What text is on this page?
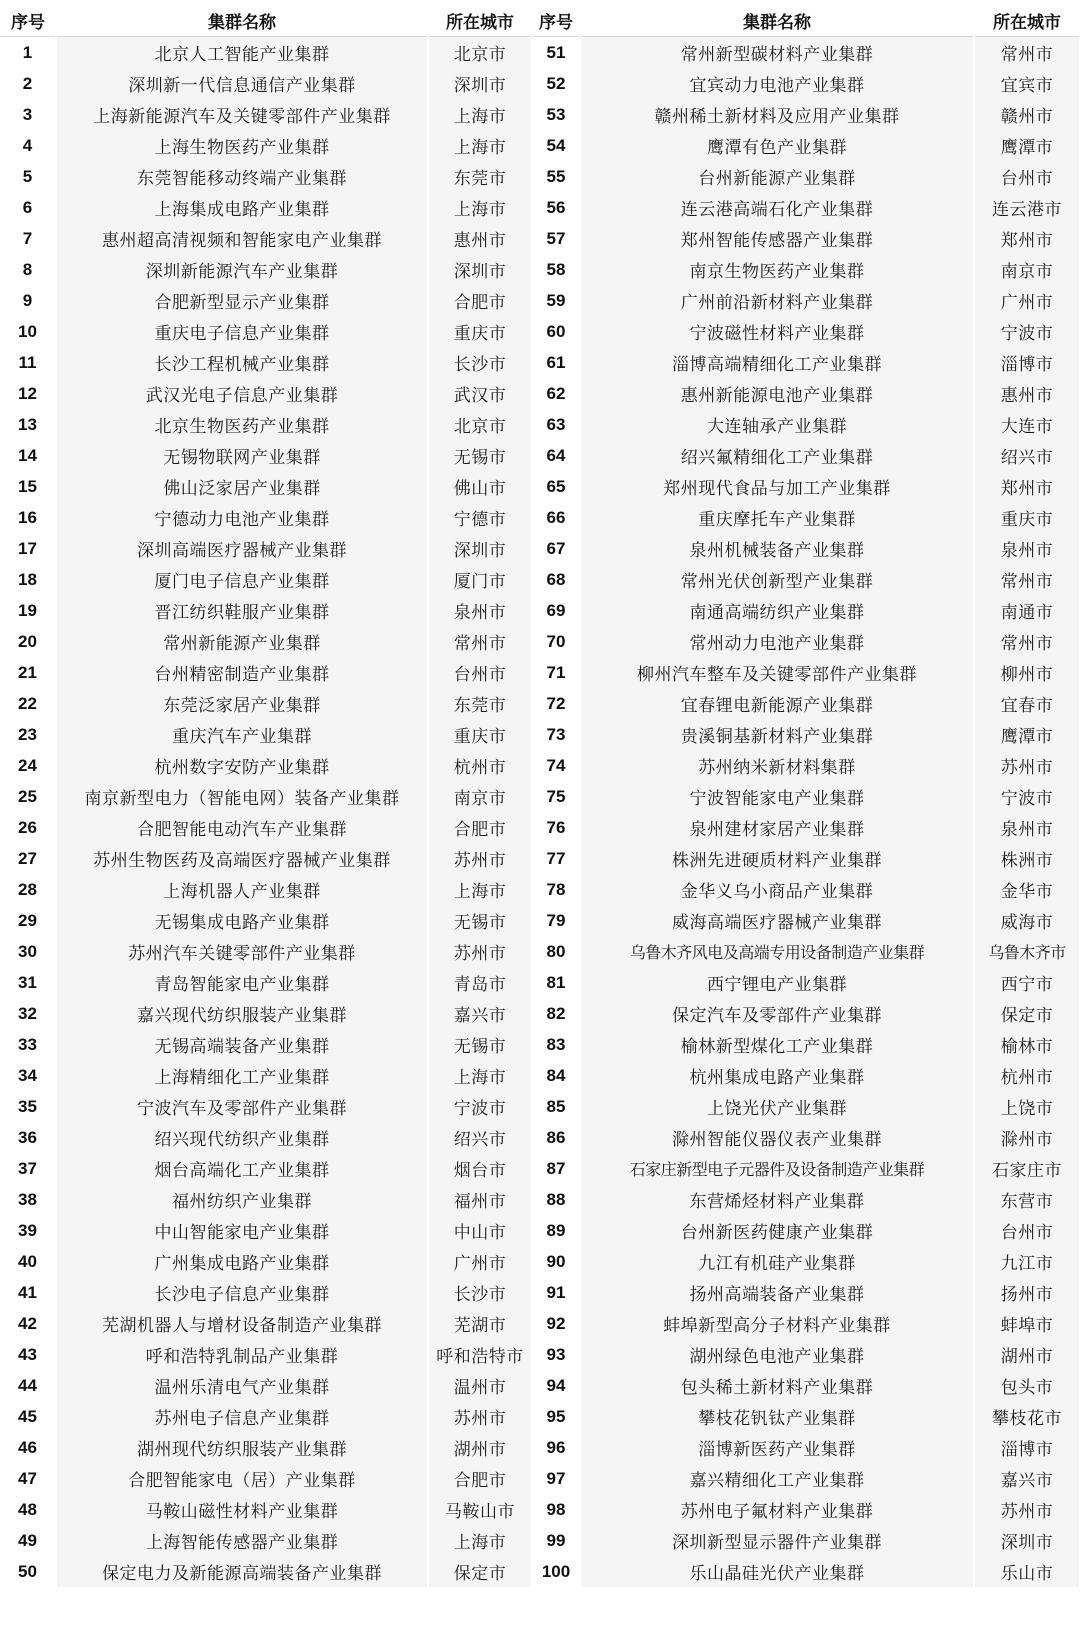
序号	集群名称	所在城市	序号	集群名称	所在城市
1	北京人工智能产业集群	北京市	51	常州新型碳材料产业集群	常州市
2	深圳新一代信息通信产业集群	深圳市	52	宜宾动力电池产业集群	宜宾市
3	上海新能源汽车及关键零部件产业集群	上海市	53	赣州稀土新材料及应用产业集群	赣州市
4	上海生物医药产业集群	上海市	54	鹰潭有色产业集群	鹰潭市
5	东莞智能移动终端产业集群	东莞市	55	台州新能源产业集群	台州市
6	上海集成电路产业集群	上海市	56	连云港高端石化产业集群	连云港市
7	惠州超高清视频和智能家电产业集群	惠州市	57	郑州智能传感器产业集群	郑州市
8	深圳新能源汽车产业集群	深圳市	58	南京生物医药产业集群	南京市
9	合肥新型显示产业集群	合肥市	59	广州前沿新材料产业集群	广州市
10	重庆电子信息产业集群	重庆市	60	宁波磁性材料产业集群	宁波市
11	长沙工程机械产业集群	长沙市	61	淄博高端精细化工产业集群	淄博市
12	武汉光电子信息产业集群	武汉市	62	惠州新能源电池产业集群	惠州市
13	北京生物医药产业集群	北京市	63	大连轴承产业集群	大连市
14	无锡物联网产业集群	无锡市	64	绍兴氟精细化工产业集群	绍兴市
15	佛山泛家居产业集群	佛山市	65	郑州现代食品与加工产业集群	郑州市
16	宁德动力电池产业集群	宁德市	66	重庆摩托车产业集群	重庆市
17	深圳高端医疗器械产业集群	深圳市	67	泉州机械装备产业集群	泉州市
18	厦门电子信息产业集群	厦门市	68	常州光伏创新型产业集群	常州市
19	晋江纺织鞋服产业集群	泉州市	69	南通高端纺织产业集群	南通市
20	常州新能源产业集群	常州市	70	常州动力电池产业集群	常州市
21	台州精密制造产业集群	台州市	71	柳州汽车整车及关键零部件产业集群	柳州市
22	东莞泛家居产业集群	东莞市	72	宜春锂电新能源产业集群	宜春市
23	重庆汽车产业集群	重庆市	73	贵溪铜基新材料产业集群	鹰潭市
24	杭州数字安防产业集群	杭州市	74	苏州纳米新材料集群	苏州市
25	南京新型电力（智能电网）装备产业集群	南京市	75	宁波智能家电产业集群	宁波市
26	合肥智能电动汽车产业集群	合肥市	76	泉州建材家居产业集群	泉州市
27	苏州生物医药及高端医疗器械产业集群	苏州市	77	株洲先进硬质材料产业集群	株洲市
28	上海机器人产业集群	上海市	78	金华义乌小商品产业集群	金华市
29	无锡集成电路产业集群	无锡市	79	威海高端医疗器械产业集群	威海市
30	苏州汽车关键零部件产业集群	苏州市	80	乌鲁木齐风电及高端专用设备制造产业集群	乌鲁木齐市
31	青岛智能家电产业集群	青岛市	81	西宁锂电产业集群	西宁市
32	嘉兴现代纺织服装产业集群	嘉兴市	82	保定汽车及零部件产业集群	保定市
33	无锡高端装备产业集群	无锡市	83	榆林新型煤化工产业集群	榆林市
34	上海精细化工产业集群	上海市	84	杭州集成电路产业集群	杭州市
35	宁波汽车及零部件产业集群	宁波市	85	上饶光伏产业集群	上饶市
36	绍兴现代纺织产业集群	绍兴市	86	滁州智能仪器仪表产业集群	滁州市
37	烟台高端化工产业集群	烟台市	87	石家庄新型电子元器件及设备制造产业集群	石家庄市
38	福州纺织产业集群	福州市	88	东营烯烃材料产业集群	东营市
39	中山智能家电产业集群	中山市	89	台州新医药健康产业集群	台州市
40	广州集成电路产业集群	广州市	90	九江有机硅产业集群	九江市
41	长沙电子信息产业集群	长沙市	91	扬州高端装备产业集群	扬州市
42	芜湖机器人与增材设备制造产业集群	芜湖市	92	蚌埠新型高分子材料产业集群	蚌埠市
43	呼和浩特乳制品产业集群	呼和浩特市	93	湖州绿色电池产业集群	湖州市
44	温州乐清电气产业集群	温州市	94	包头稀土新材料产业集群	包头市
45	苏州电子信息产业集群	苏州市	95	攀枝花钒钛产业集群	攀枝花市
46	湖州现代纺织服装产业集群	湖州市	96	淄博新医药产业集群	淄博市
47	合肥智能家电（居）产业集群	合肥市	97	嘉兴精细化工产业集群	嘉兴市
48	马鞍山磁性材料产业集群	马鞍山市	98	苏州电子氟材料产业集群	苏州市
49	上海智能传感器产业集群	上海市	99	深圳新型显示器件产业集群	深圳市
50	保定电力及新能源高端装备产业集群	保定市	100	乐山晶硅光伏产业集群	乐山市
